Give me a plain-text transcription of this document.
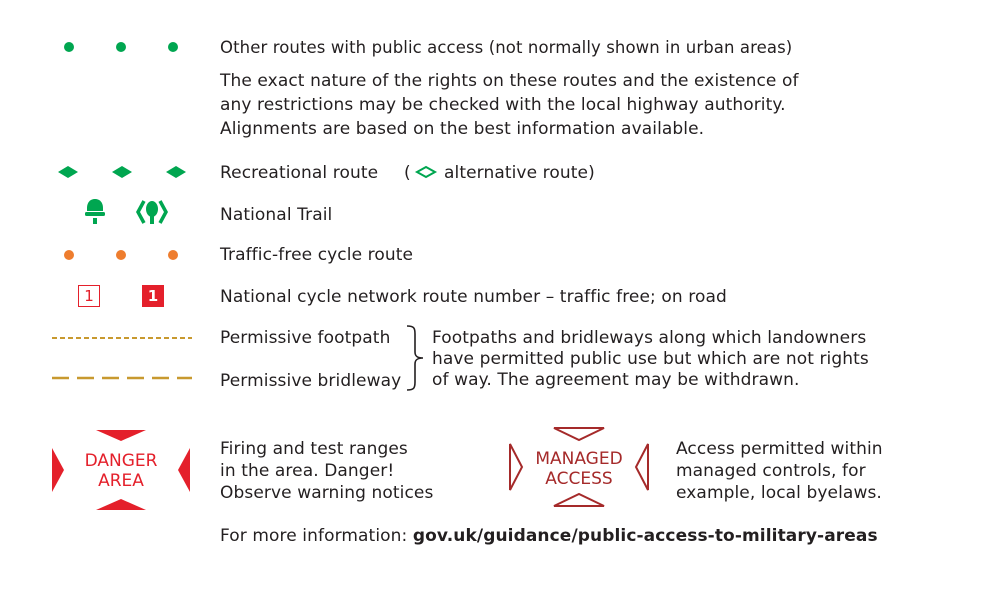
Other routes with public access (not normally shown in urban areas)
The exact nature of the rights on these routes and the existence of
any restrictions may be checked with the local highway authority.
Alignments are based on the best information available.
Recreational route ( alternative route)
National Trail
Traffic-free cycle route
1	1	National cycle network route number – traffic free; on road
Permissive footpath
Permissive bridleway
Footpaths and bridleways along which landowners
have permitted public use but which are not rights
of way. The agreement may be withdrawn.
DANGER
AREA
Firing and test ranges
in the area. Danger!
Observe warning notices
MANAGED
ACCESS
Access permitted within
managed controls, for
example, local byelaws.
For more information: gov.uk/guidance/public-access-to-military-areas
